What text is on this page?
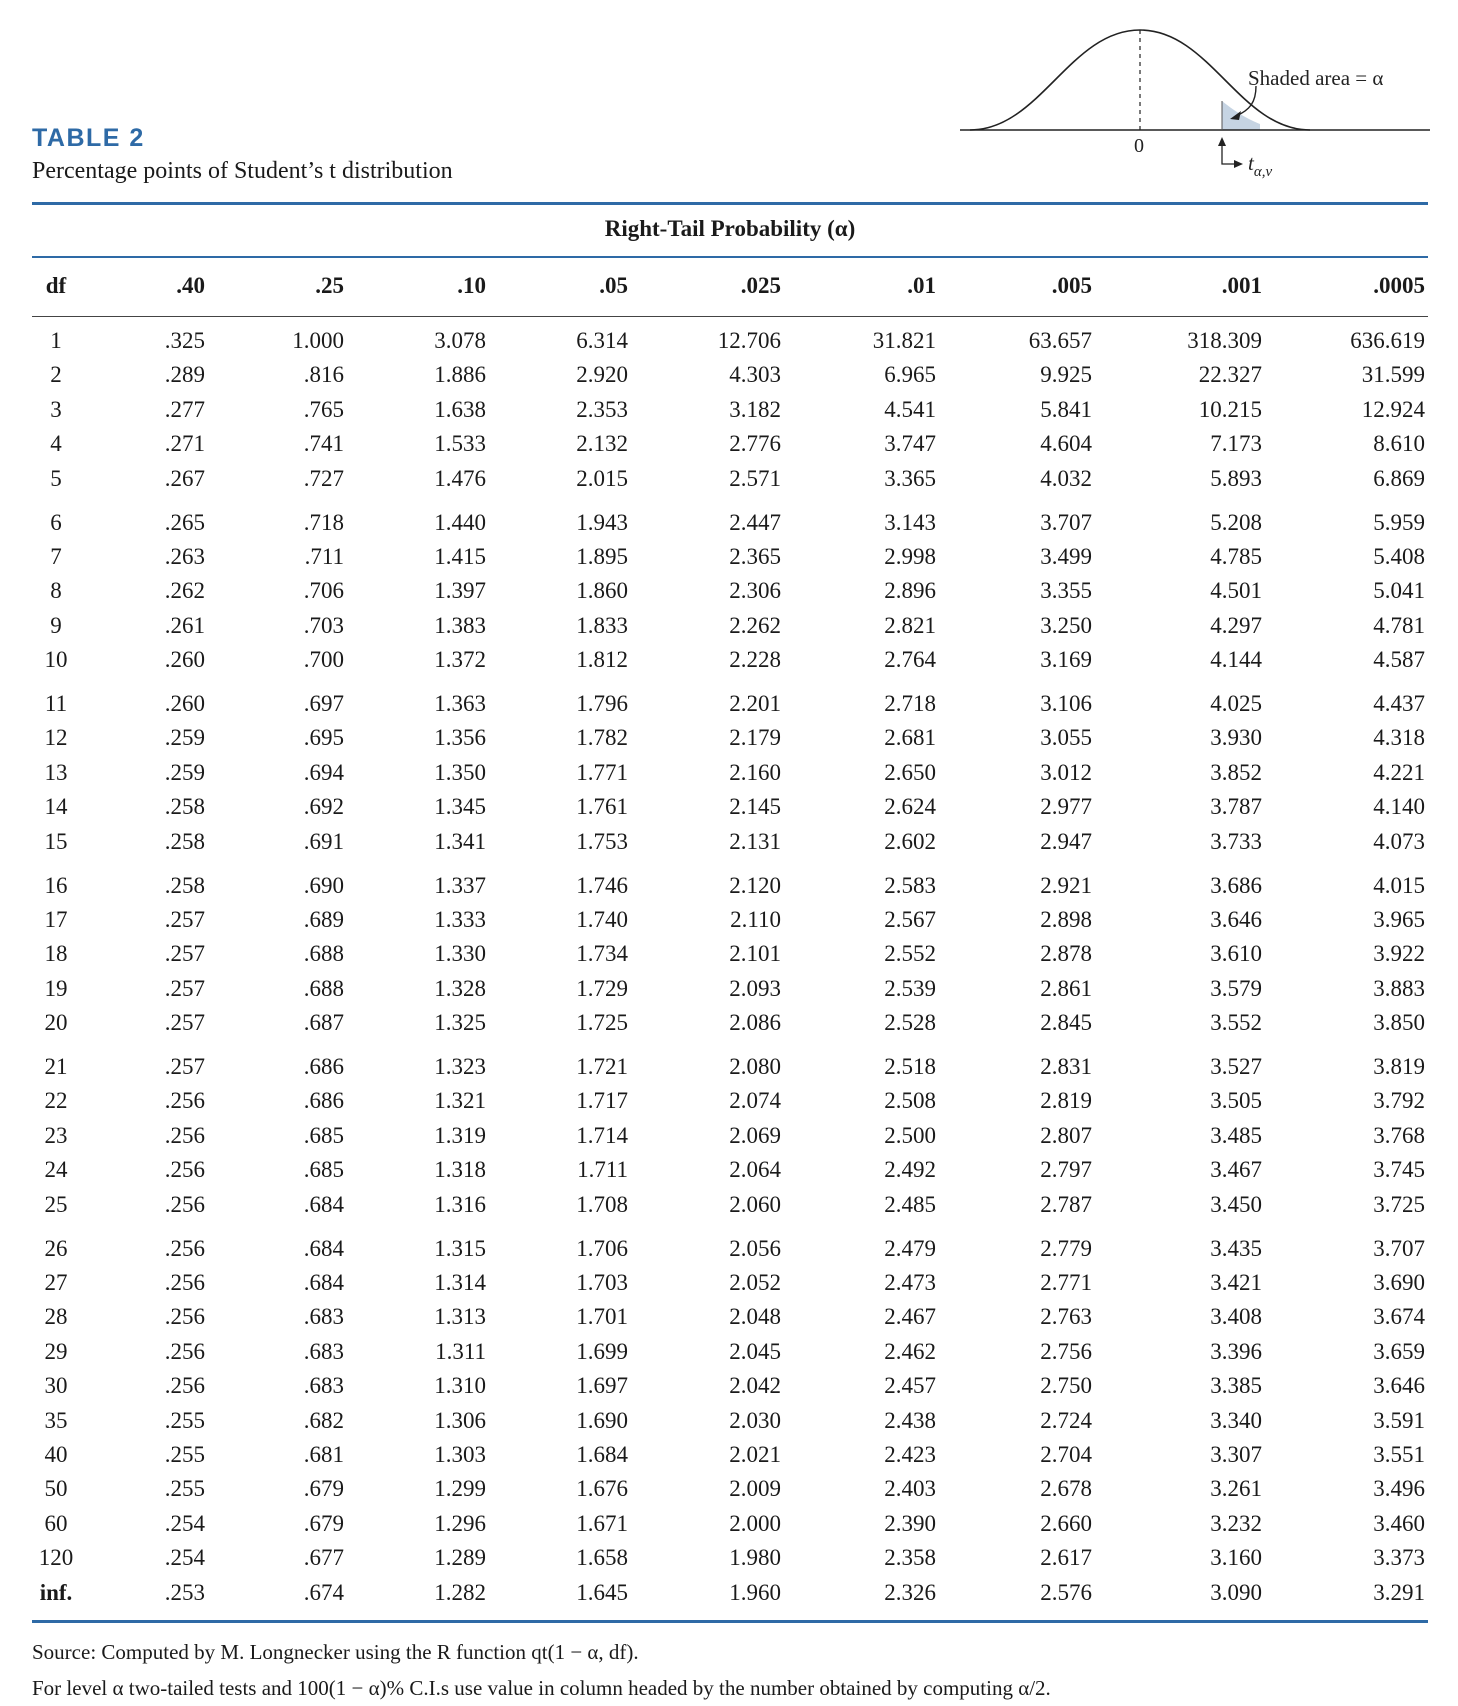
TABLE 2
Percentage points of Student’s t distribution
Shaded area = α
0
tα,ν
Right-Tail Probability (α)
df	.40	.25	.10	.05	.025	.01	.005	.001	.0005
1	.325	1.000	3.078	6.314	12.706	31.821	63.657	318.309	636.619
2	.289	.816	1.886	2.920	4.303	6.965	9.925	22.327	31.599
3	.277	.765	1.638	2.353	3.182	4.541	5.841	10.215	12.924
4	.271	.741	1.533	2.132	2.776	3.747	4.604	7.173	8.610
5	.267	.727	1.476	2.015	2.571	3.365	4.032	5.893	6.869
6	.265	.718	1.440	1.943	2.447	3.143	3.707	5.208	5.959
7	.263	.711	1.415	1.895	2.365	2.998	3.499	4.785	5.408
8	.262	.706	1.397	1.860	2.306	2.896	3.355	4.501	5.041
9	.261	.703	1.383	1.833	2.262	2.821	3.250	4.297	4.781
10	.260	.700	1.372	1.812	2.228	2.764	3.169	4.144	4.587
11	.260	.697	1.363	1.796	2.201	2.718	3.106	4.025	4.437
12	.259	.695	1.356	1.782	2.179	2.681	3.055	3.930	4.318
13	.259	.694	1.350	1.771	2.160	2.650	3.012	3.852	4.221
14	.258	.692	1.345	1.761	2.145	2.624	2.977	3.787	4.140
15	.258	.691	1.341	1.753	2.131	2.602	2.947	3.733	4.073
16	.258	.690	1.337	1.746	2.120	2.583	2.921	3.686	4.015
17	.257	.689	1.333	1.740	2.110	2.567	2.898	3.646	3.965
18	.257	.688	1.330	1.734	2.101	2.552	2.878	3.610	3.922
19	.257	.688	1.328	1.729	2.093	2.539	2.861	3.579	3.883
20	.257	.687	1.325	1.725	2.086	2.528	2.845	3.552	3.850
21	.257	.686	1.323	1.721	2.080	2.518	2.831	3.527	3.819
22	.256	.686	1.321	1.717	2.074	2.508	2.819	3.505	3.792
23	.256	.685	1.319	1.714	2.069	2.500	2.807	3.485	3.768
24	.256	.685	1.318	1.711	2.064	2.492	2.797	3.467	3.745
25	.256	.684	1.316	1.708	2.060	2.485	2.787	3.450	3.725
26	.256	.684	1.315	1.706	2.056	2.479	2.779	3.435	3.707
27	.256	.684	1.314	1.703	2.052	2.473	2.771	3.421	3.690
28	.256	.683	1.313	1.701	2.048	2.467	2.763	3.408	3.674
29	.256	.683	1.311	1.699	2.045	2.462	2.756	3.396	3.659
30	.256	.683	1.310	1.697	2.042	2.457	2.750	3.385	3.646
35	.255	.682	1.306	1.690	2.030	2.438	2.724	3.340	3.591
40	.255	.681	1.303	1.684	2.021	2.423	2.704	3.307	3.551
50	.255	.679	1.299	1.676	2.009	2.403	2.678	3.261	3.496
60	.254	.679	1.296	1.671	2.000	2.390	2.660	3.232	3.460
120	.254	.677	1.289	1.658	1.980	2.358	2.617	3.160	3.373
inf.	.253	.674	1.282	1.645	1.960	2.326	2.576	3.090	3.291
Source: Computed by M. Longnecker using the R function qt(1 − α, df).
For level α two-tailed tests and 100(1 − α)% C.I.s use value in column headed by the number obtained by computing α/2.
